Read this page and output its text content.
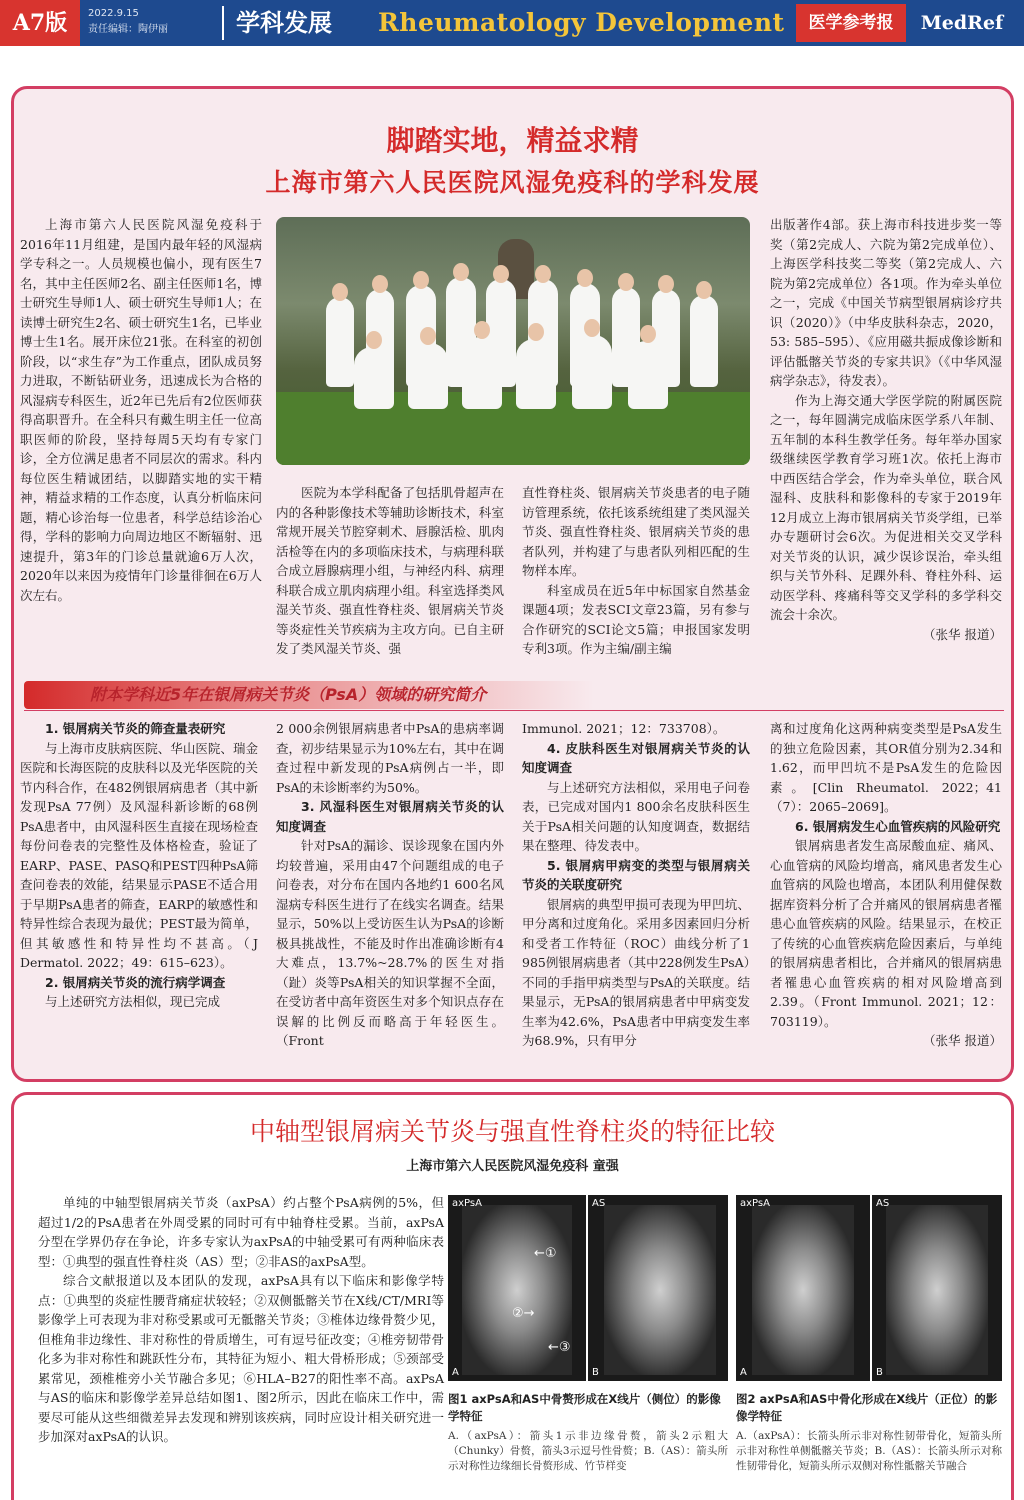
A7版	2022.9.15
责任编辑：陶伊丽	学科发展 Rheumatology Development	医学参考报	MedRef
脚踏实地，精益求精
上海市第六人民医院风湿免疫科的学科发展

上海市第六人民医院风湿免疫科于2016年11月组建，是国内最年轻的风湿病学专科之一。人员规模也偏小，现有医生7名，其中主任医师2名、副主任医师1名，博士研究生导师1人、硕士研究生导师1人；在读博士研究生2名、硕士研究生1名，已毕业博士生1名。展开床位21张。在科室的初创阶段，以“求生存”为工作重点，团队成员努力进取，不断钻研业务，迅速成长为合格的风湿病专科医生，近2年已先后有2位医师获得高职晋升。在全科只有戴生明主任一位高职医师的阶段，坚持每周5天均有专家门诊，全方位满足患者不同层次的需求。科内每位医生精诚团结，以脚踏实地的实干精神，精益求精的工作态度，认真分析临床问题，精心诊治每一位患者，科学总结诊治心得，学科的影响力向周边地区不断辐射、迅速提升，第3年的门诊总量就逾6万人次，2020年以来因为疫情年门诊量徘徊在6万人次左右。

医院为本学科配备了包括肌骨超声在内的各种影像技术等辅助诊断技术，科室常规开展关节腔穿刺术、唇腺活检、肌肉活检等在内的多项临床技术，与病理科联合成立唇腺病理小组，与神经内科、病理科联合成立肌肉病理小组。科室选择类风湿关节炎、强直性脊柱炎、银屑病关节炎等炎症性关节疾病为主攻方向。已自主研发了类风湿关节炎、强

直性脊柱炎、银屑病关节炎患者的电子随访管理系统，依托该系统组建了类风湿关节炎、强直性脊柱炎、银屑病关节炎的患者队列，并构建了与患者队列相匹配的生物样本库。

科室成员在近5年中标国家自然基金课题4项；发表SCI文章23篇，另有参与合作研究的SCI论文5篇；申报国家发明专利3项。作为主编/副主编

出版著作4部。获上海市科技进步奖一等奖（第2完成人、六院为第2完成单位）、上海医学科技奖二等奖（第2完成人、六院为第2完成单位）各1项。作为牵头单位之一，完成《中国关节病型银屑病诊疗共识（2020）》（中华皮肤科杂志，2020，53: 585–595）、《应用磁共振成像诊断和评估骶髂关节炎的专家共识》（《中华风湿病学杂志》，待发表）。

作为上海交通大学医学院的附属医院之一，每年圆满完成临床医学系八年制、五年制的本科生教学任务。每年举办国家级继续医学教育学习班1次。依托上海市中西医结合学会，作为牵头单位，联合风湿科、皮肤科和影像科的专家于2019年12月成立上海市银屑病关节炎学组，已举办专题研讨会6次。为促进相关交叉学科对关节炎的认识，减少误诊误治，牵头组织与关节外科、足踝外科、脊柱外科、运动医学科、疼痛科等交叉学科的多学科交流会十余次。

（张华 报道）

附本学科近5年在银屑病关节炎（PsA）领域的研究简介

1. 银屑病关节炎的筛查量表研究

与上海市皮肤病医院、华山医院、瑞金医院和长海医院的皮肤科以及光华医院的关节内科合作，在482例银屑病患者（其中新发现PsA 77例）及风湿科新诊断的68例PsA患者中，由风湿科医生直接在现场检查每份问卷表的完整性及体格检查，验证了EARP、PASE、PASQ和PEST四种PsA筛查问卷表的效能，结果显示PASE不适合用于早期PsA患者的筛查，EARP的敏感性和特异性综合表现为最优；PEST最为简单，但其敏感性和特异性均不甚高。（J Dermatol. 2022；49：615–623）。

2. 银屑病关节炎的流行病学调查

与上述研究方法相似，现已完成

2 000余例银屑病患者中PsA的患病率调查，初步结果显示为10%左右，其中在调查过程中新发现的PsA病例占一半，即PsA的未诊断率约为50%。

3. 风湿科医生对银屑病关节炎的认知度调查

针对PsA的漏诊、误诊现象在国内外均较普遍，采用由47个问题组成的电子问卷表，对分布在国内各地约1 600名风湿病专科医生进行了在线实名调查。结果显示，50%以上受访医生认为PsA的诊断极具挑战性，不能及时作出准确诊断有4大难点，13.7%~28.7%的医生对指（趾）炎等PsA相关的知识掌握不全面，在受访者中高年资医生对多个知识点存在误解的比例反而略高于年轻医生。（Front

Immunol. 2021；12：733708）。

4. 皮肤科医生对银屑病关节炎的认知度调查

与上述研究方法相似，采用电子问卷表，已完成对国内1 800余名皮肤科医生关于PsA相关问题的认知度调查，数据结果在整理、待发表中。

5. 银屑病甲病变的类型与银屑病关节炎的关联度研究

银屑病的典型甲损可表现为甲凹坑、甲分离和过度角化。采用多因素回归分析和受者工作特征（ROC）曲线分析了1 985例银屑病患者（其中228例发生PsA）不同的手指甲病类型与PsA的关联度。结果显示，无PsA的银屑病患者中甲病变发生率为42.6%，PsA患者中甲病变发生率为68.9%，只有甲分

离和过度角化这两种病变类型是PsA发生的独立危险因素，其OR值分别为2.34和1.62，而甲凹坑不是PsA发生的危险因素。[Clin Rheumatol. 2022；41（7）：2065–2069]。

6. 银屑病发生心血管疾病的风险研究

银屑病患者发生高尿酸血症、痛风、心血管病的风险均增高，痛风患者发生心血管病的风险也增高，本团队利用健保数据库资料分析了合并痛风的银屑病患者罹患心血管疾病的风险。结果显示，在校正了传统的心血管疾病危险因素后，与单纯的银屑病患者相比，合并痛风的银屑病患者罹患心血管疾病的相对风险增高到2.39。（Front Immunol. 2021；12：703119）。

（张华 报道）

中轴型银屑病关节炎与强直性脊柱炎的特征比较
上海市第六人民医院风湿免疫科 童强

单纯的中轴型银屑病关节炎（axPsA）约占整个PsA病例的5%，但超过1/2的PsA患者在外周受累的同时可有中轴脊柱受累。当前，axPsA分型在学界仍存在争论，许多专家认为axPsA的中轴受累可有两种临床表型：①典型的强直性脊柱炎（AS）型；②非AS的axPsA型。

综合文献报道以及本团队的发现，axPsA具有以下临床和影像学特点：①典型的炎症性腰背痛症状较轻；②双侧骶髂关节在X线/CT/MRI等影像学上可表现为非对称受累或可无骶髂关节炎；③椎体边缘骨赘少见，但椎角非边缘性、非对称性的骨质增生，可有逗号征改变；④椎旁韧带骨化多为非对称性和跳跃性分布，其特征为短小、粗大骨桥形成；⑤颈部受累常见，颈椎椎旁小关节融合多见；⑥HLA–B27的阳性率不高。axPsA与AS的临床和影像学差异总结如图1、图2所示，因此在临床工作中，需要尽可能从这些细微差异去发现和辨别该疾病，同时应设计相关研究进一步加深对axPsA的认识。

axPsA
A
←①
②→
←③
AS
B
图1 axPsA和AS中骨赘形成在X线片（侧位）的影像学特征
A.（axPsA）：箭头1示非边缘骨赘，箭头2示粗大（Chunky）骨赘，箭头3示逗号性骨赘；B.（AS）：箭头所示对称性边缘细长骨赘形成、竹节样变
axPsA
A
AS
B
图2 axPsA和AS中骨化形成在X线片（正位）的影像学特征
A.（axPsA）：长箭头所示非对称性韧带骨化，短箭头所示非对称性单侧骶髂关节炎；B.（AS）：长箭头所示对称性韧带骨化，短箭头所示双侧对称性骶髂关节融合
